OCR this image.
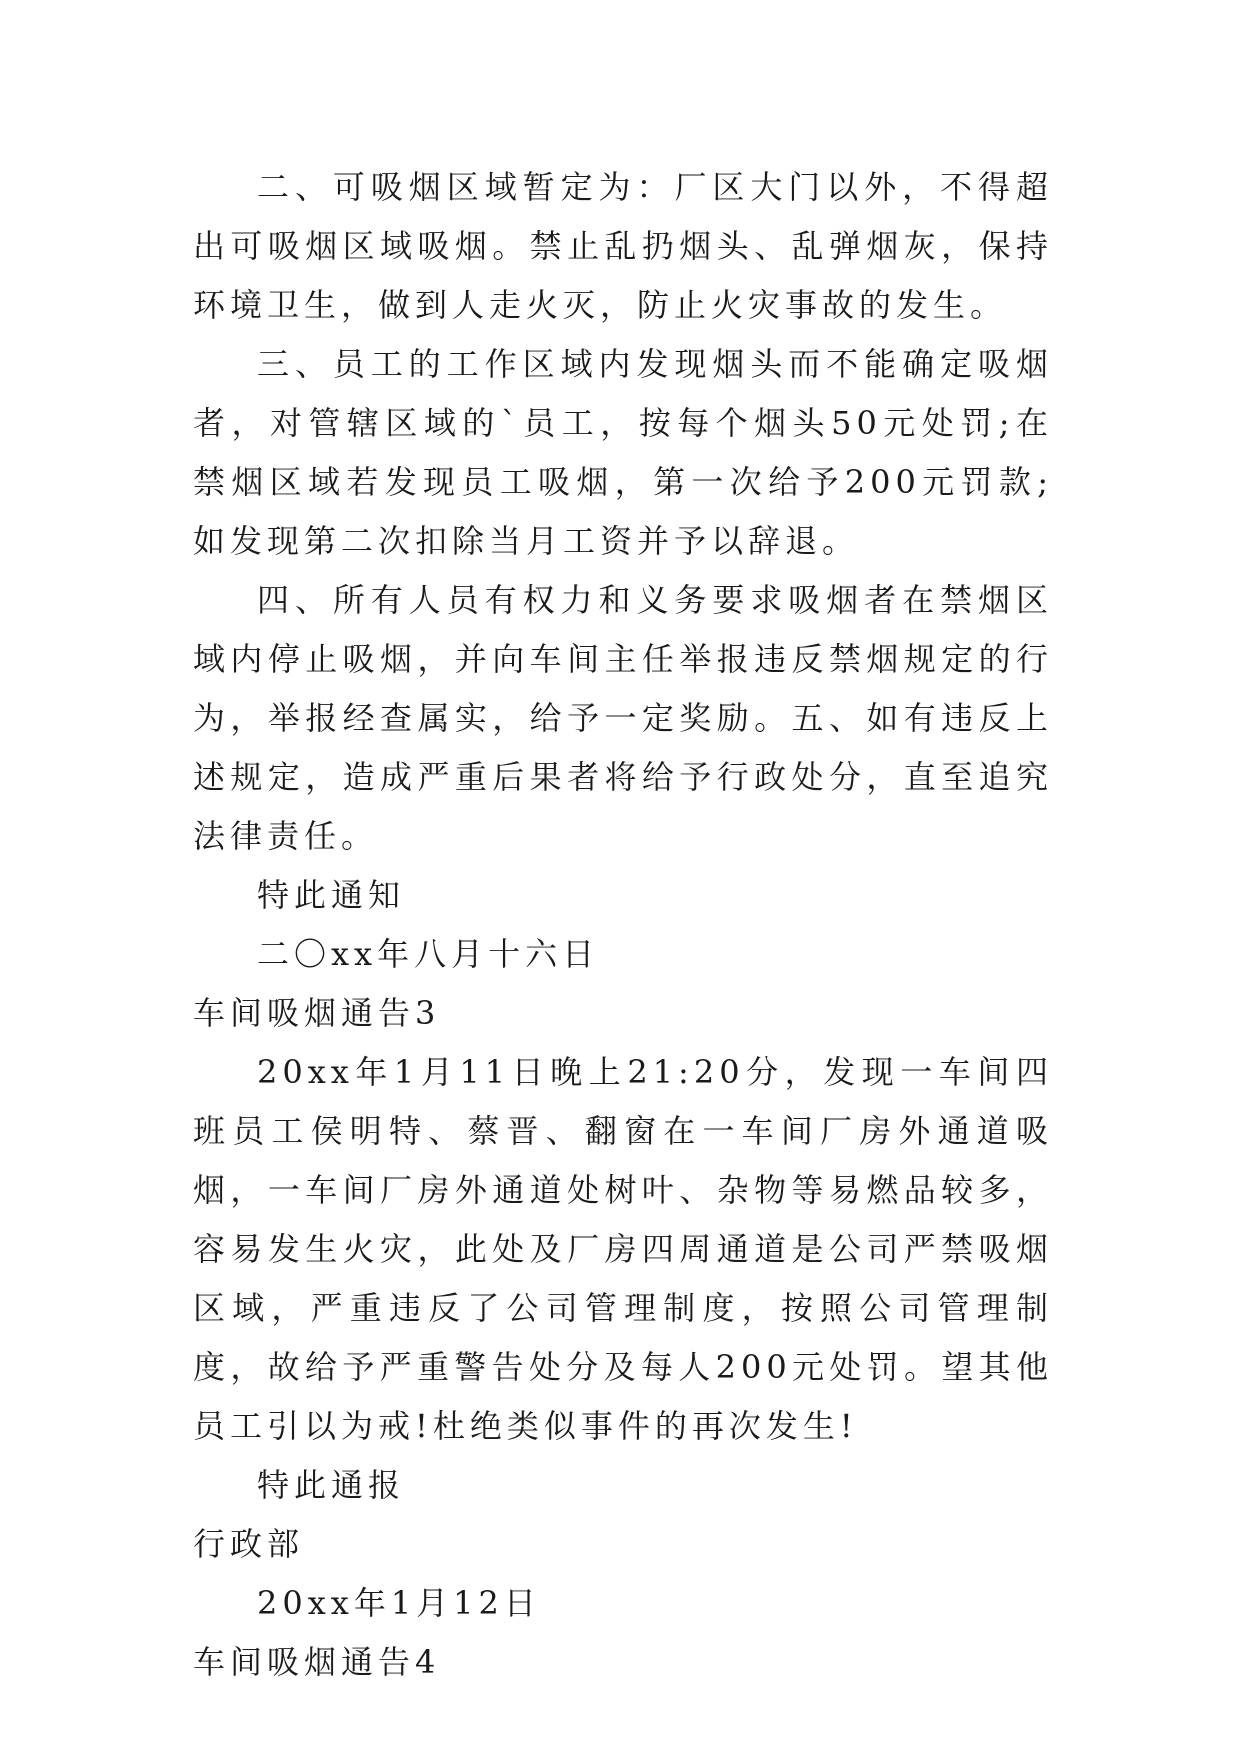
二、可吸烟区域暂定为：厂区大门以外，不得超出可吸烟区域吸烟。禁止乱扔烟头、乱弹烟灰，保持环境卫生，做到人走火灭，防止火灾事故的发生。

三、员工的工作区域内发现烟头而不能确定吸烟者，对管辖区域的`员工，按每个烟头50元处罚;在禁烟区域若发现员工吸烟，第一次给予200元罚款;如发现第二次扣除当月工资并予以辞退。

四、所有人员有权力和义务要求吸烟者在禁烟区域内停止吸烟，并向车间主任举报违反禁烟规定的行为，举报经查属实，给予一定奖励。五、如有违反上述规定，造成严重后果者将给予行政处分，直至追究法律责任。

特此通知

二〇xx年八月十六日

车间吸烟通告3

20xx年1月11日晚上21:20分，发现一车间四班员工侯明特、蔡晋、翻窗在一车间厂房外通道吸烟，一车间厂房外通道处树叶、杂物等易燃品较多，容易发生火灾，此处及厂房四周通道是公司严禁吸烟区域，严重违反了公司管理制度，按照公司管理制度，故给予严重警告处分及每人200元处罚。望其他员工引以为戒!杜绝类似事件的再次发生!

特此通报

行政部

20xx年1月12日

车间吸烟通告4
